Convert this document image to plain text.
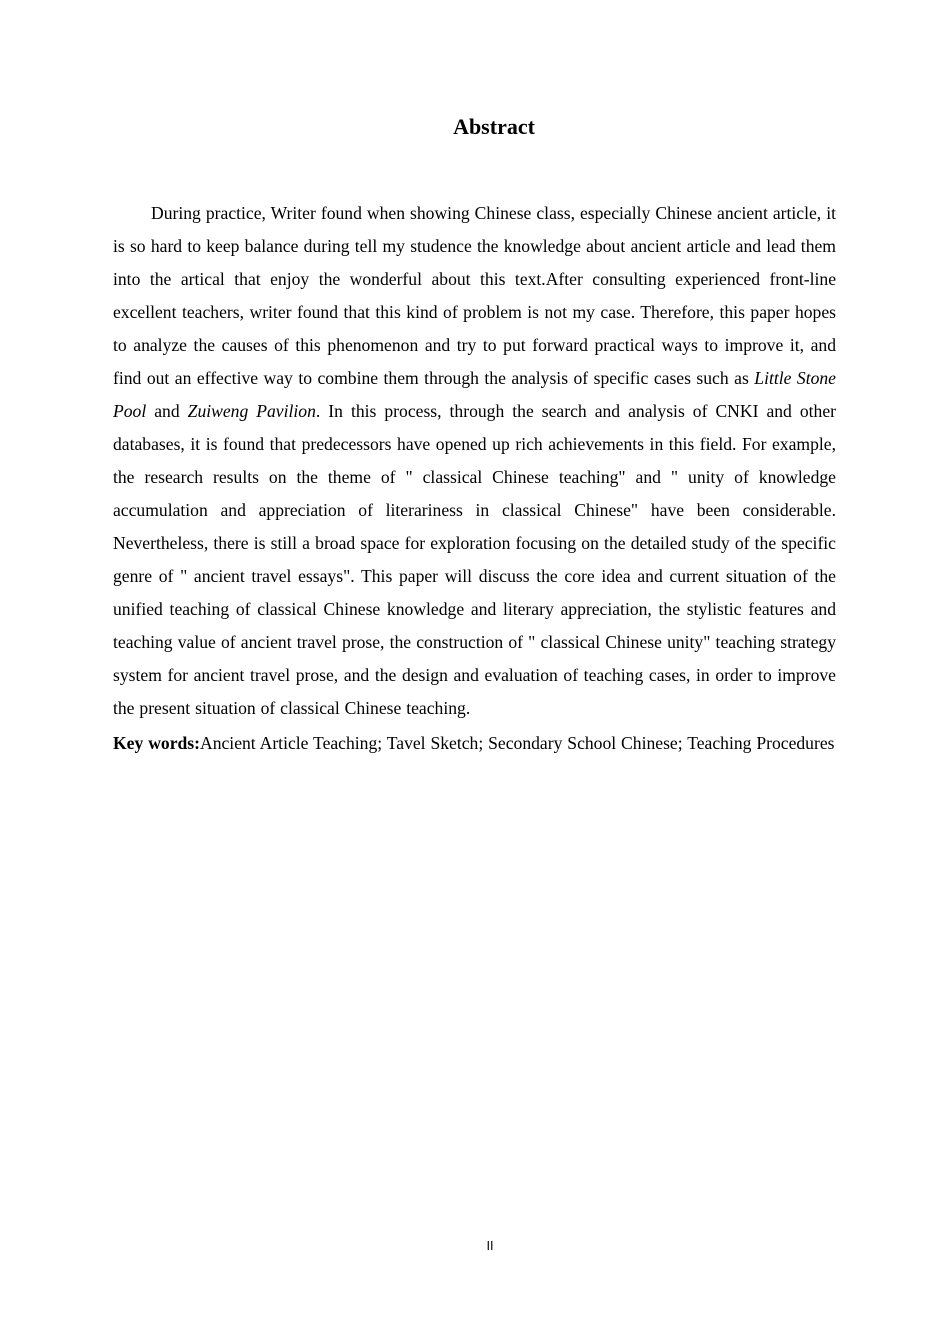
Abstract

During practice, Writer found when showing Chinese class, especially Chinese ancient article, it is so hard to keep balance during tell my studence the knowledge about ancient article and lead them into the artical that enjoy the wonderful about this text.After consulting experienced front-line excellent teachers, writer found that this kind of problem is not my case. Therefore, this paper hopes to analyze the causes of this phenomenon and try to put forward practical ways to improve it, and find out an effective way to combine them through the analysis of specific cases such as Little Stone Pool and Zuiweng Pavilion. In this process, through the search and analysis of CNKI and other databases, it is found that predecessors have opened up rich achievements in this field. For example, the research results on the theme of " classical Chinese teaching" and " unity of knowledge accumulation and appreciation of literariness in classical Chinese" have been considerable. Nevertheless, there is still a broad space for exploration focusing on the detailed study of the specific genre of " ancient travel essays". This paper will discuss the core idea and current situation of the unified teaching of classical Chinese knowledge and literary appreciation, the stylistic features and teaching value of ancient travel prose, the construction of " classical Chinese unity" teaching strategy system for ancient travel prose, and the design and evaluation of teaching cases, in order to improve the present situation of classical Chinese teaching.

Key words:Ancient Article Teaching; Tavel Sketch; Secondary School Chinese; Teaching Procedures

II
